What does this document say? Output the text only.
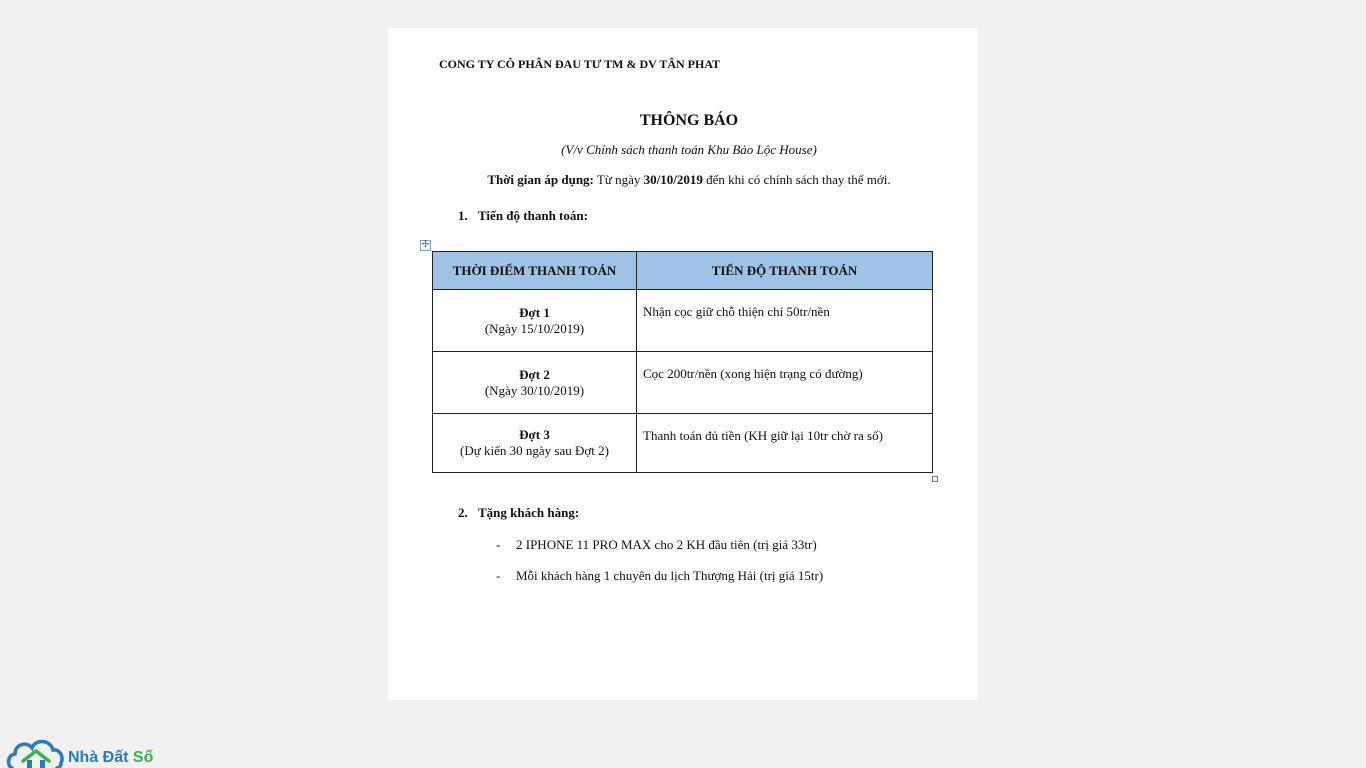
CONG TY CÔ PHÂN ĐAU TƯ TM & DV TÂN PHAT
THÔNG BÁO
(V/v Chính sách thanh toán Khu Bảo Lộc House)
Thời gian áp dụng: Từ ngày 30/10/2019 đến khi có chính sách thay thế mới.
1. Tiến độ thanh toán:
✢
THỜI ĐIỂM THANH TOÁN	TIẾN ĐỘ THANH TOÁN

Đợt 1
(Ngày 15/10/2019)	Nhận cọc giữ chỗ thiện chí 50tr/nền

Đợt 2
(Ngày 30/10/2019)	Cọc 200tr/nền (xong hiện trạng có đường)

Đợt 3
(Dự kiến 30 ngày sau Đợt 2)	Thanh toán đủ tiền (KH giữ lại 10tr chờ ra sổ)
2. Tặng khách hàng:
- 2 IPHONE 11 PRO MAX cho 2 KH đầu tiên (trị giá 33tr)
- Mỗi khách hàng 1 chuyên du lịch Thượng Hải (trị giá 15tr)
Nhà Đất Số
